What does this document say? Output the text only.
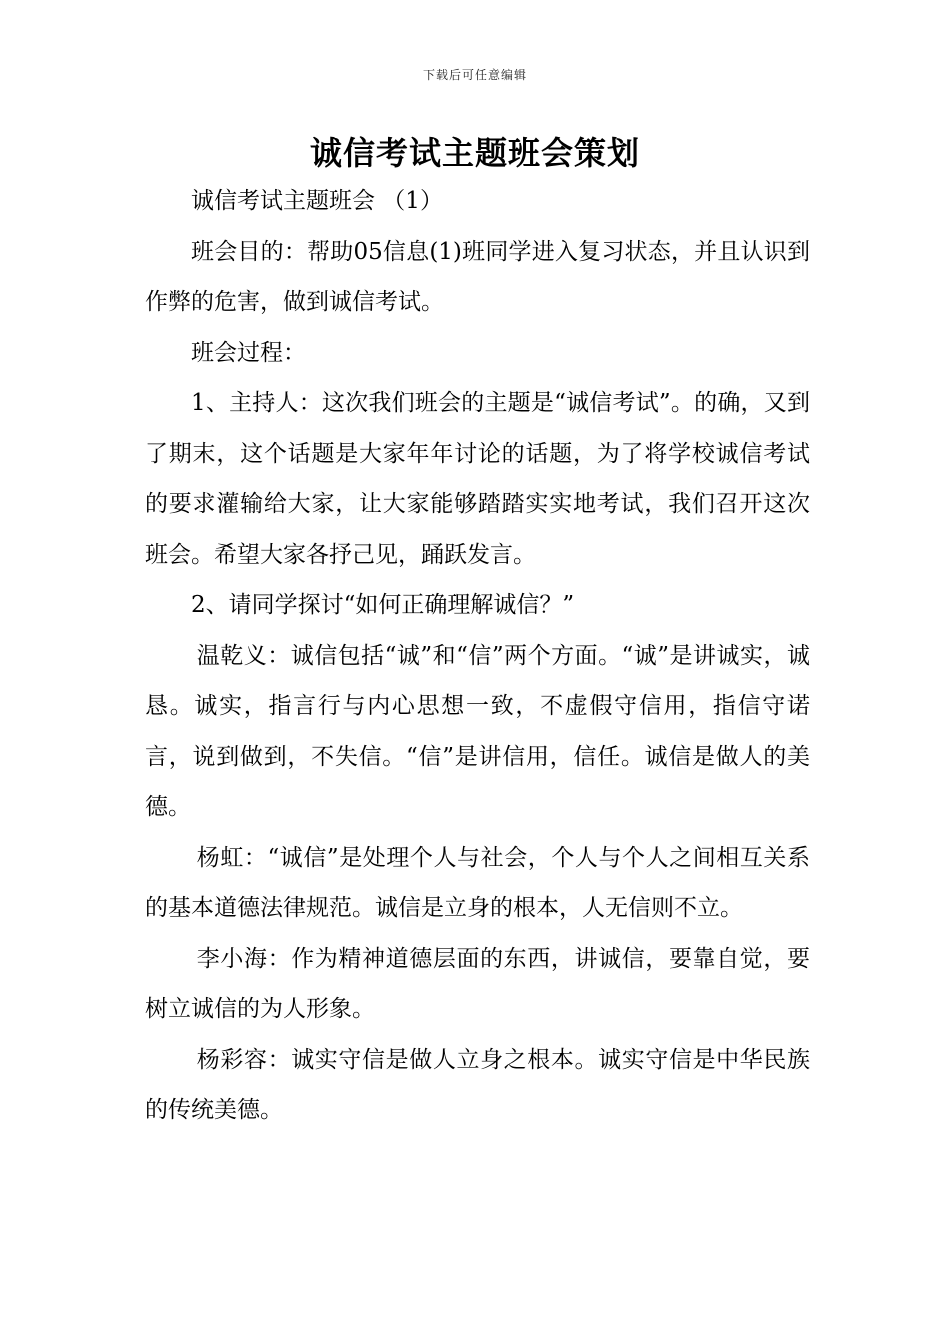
下载后可任意编辑
诚信考试主题班会策划

诚信考试主题班会 （1）

班会目的：帮助05信息(1)班同学进入复习状态，并且认识到作弊的危害，做到诚信考试。

班会过程：

1、主持人：这次我们班会的主题是“诚信考试”。的确，又到了期末，这个话题是大家年年讨论的话题，为了将学校诚信考试的要求灌输给大家，让大家能够踏踏实实地考试，我们召开这次班会。希望大家各抒己见，踊跃发言。

2、请同学探讨“如何正确理解诚信？”

温乾义：诚信包括“诚”和“信”两个方面。“诚”是讲诚实，诚恳。诚实，指言行与内心思想一致，不虚假守信用，指信守诺言，说到做到，不失信。“信”是讲信用，信任。诚信是做人的美德。

杨虹：“诚信”是处理个人与社会，个人与个人之间相互关系的基本道德法律规范。诚信是立身的根本，人无信则不立。

李小海：作为精神道德层面的东西，讲诚信，要靠自觉，要树立诚信的为人形象。

杨彩容：诚实守信是做人立身之根本。诚实守信是中华民族的传统美德。
